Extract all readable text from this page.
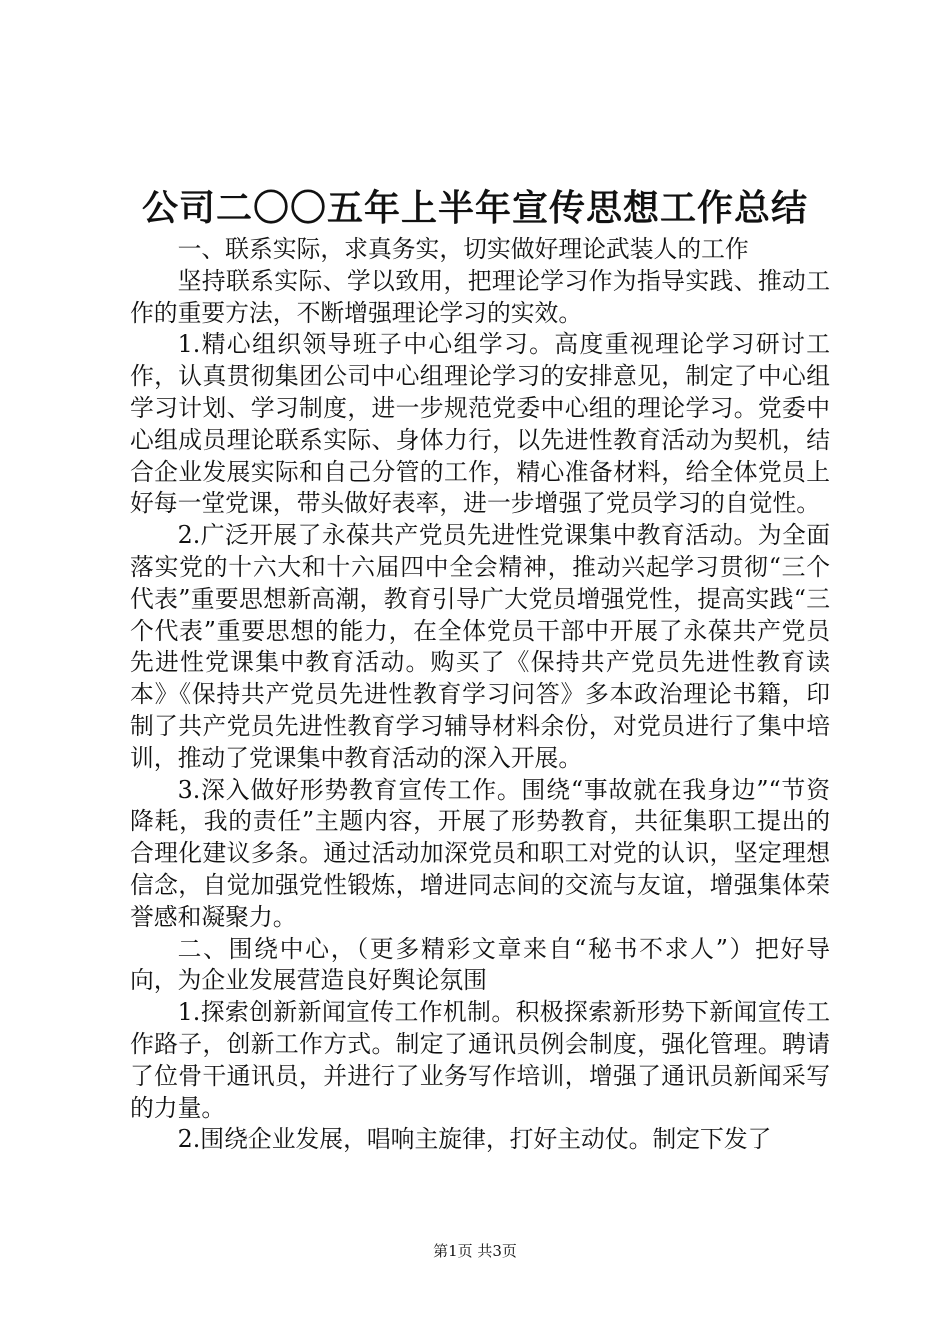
公司二〇〇五年上半年宣传思想工作总结

一、联系实际，求真务实，切实做好理论武装人的工作

坚持联系实际、学以致用，把理论学习作为指导实践、推动工作的重要方法，不断增强理论学习的实效。

1.精心组织领导班子中心组学习。高度重视理论学习研讨工作，认真贯彻集团公司中心组理论学习的安排意见，制定了中心组学习计划、学习制度，进一步规范党委中心组的理论学习。党委中心组成员理论联系实际、身体力行，以先进性教育活动为契机，结合企业发展实际和自己分管的工作，精心准备材料，给全体党员上好每一堂党课，带头做好表率，进一步增强了党员学习的自觉性。

2.广泛开展了永葆共产党员先进性党课集中教育活动。为全面落实党的十六大和十六届四中全会精神，推动兴起学习贯彻“三个代表”重要思想新高潮，教育引导广大党员增强党性，提高实践“三个代表”重要思想的能力，在全体党员干部中开展了永葆共产党员先进性党课集中教育活动。购买了《保持共产党员先进性教育读本》《保持共产党员先进性教育学习问答》多本政治理论书籍，印制了共产党员先进性教育学习辅导材料余份，对党员进行了集中培训，推动了党课集中教育活动的深入开展。

3.深入做好形势教育宣传工作。围绕“事故就在我身边”“节资降耗，我的责任”主题内容，开展了形势教育，共征集职工提出的合理化建议多条。通过活动加深党员和职工对党的认识，坚定理想信念，自觉加强党性锻炼，增进同志间的交流与友谊，增强集体荣誉感和凝聚力。

二、围绕中心，（更多精彩文章来自“秘书不求人”）把好导向，为企业发展营造良好舆论氛围

1.探索创新新闻宣传工作机制。积极探索新形势下新闻宣传工作路子，创新工作方式。制定了通讯员例会制度，强化管理。聘请了位骨干通讯员，并进行了业务写作培训，增强了通讯员新闻采写的力量。

2.围绕企业发展，唱响主旋律，打好主动仗。制定下发了

第1页 共3页
